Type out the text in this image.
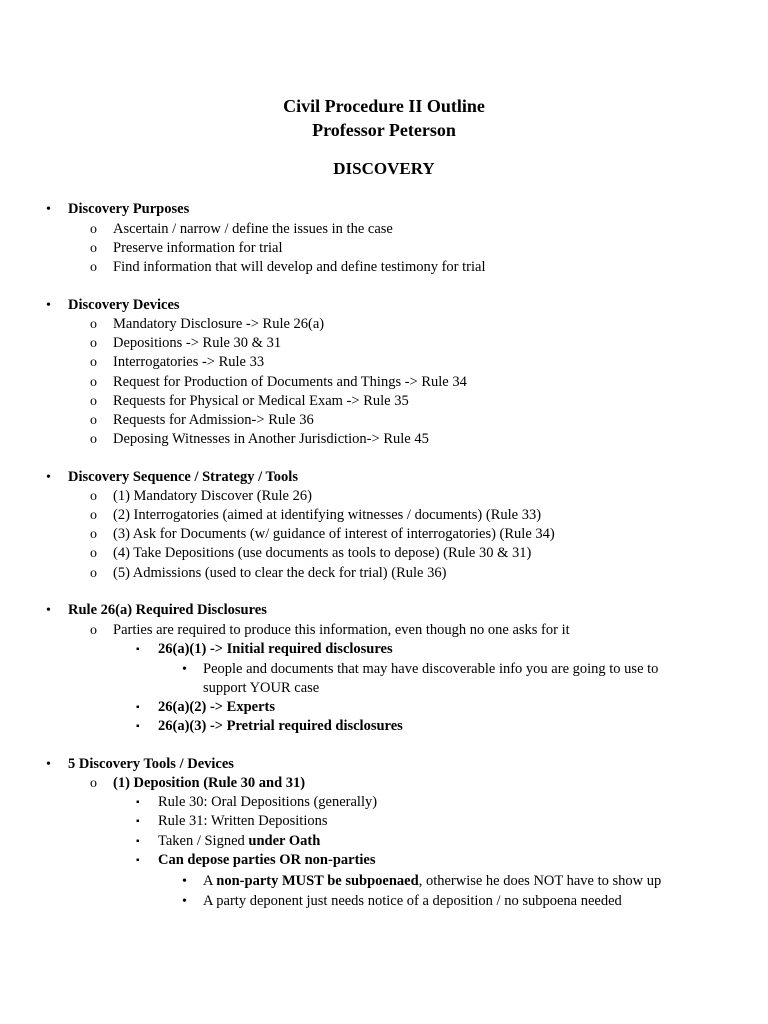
Civil Procedure II Outline
Professor Peterson
DISCOVERY
• Discovery Purposes
o Ascertain / narrow / define the issues in the case
o Preserve information for trial
o Find information that will develop and define testimony for trial
• Discovery Devices
o Mandatory Disclosure -> Rule 26(a)
o Depositions -> Rule 30 & 31
o Interrogatories -> Rule 33
o Request for Production of Documents and Things -> Rule 34
o Requests for Physical or Medical Exam -> Rule 35
o Requests for Admission-> Rule 36
o Deposing Witnesses in Another Jurisdiction-> Rule 45
• Discovery Sequence / Strategy / Tools
o (1) Mandatory Discover (Rule 26)
o (2) Interrogatories (aimed at identifying witnesses / documents) (Rule 33)
o (3) Ask for Documents (w/ guidance of interest of interrogatories) (Rule 34)
o (4) Take Depositions (use documents as tools to depose) (Rule 30 & 31)
o (5) Admissions (used to clear the deck for trial) (Rule 36)
• Rule 26(a) Required Disclosures
o Parties are required to produce this information, even though no one asks for it
▪ 26(a)(1) -> Initial required disclosures
• People and documents that may have discoverable info you are going to use to
support YOUR case
▪ 26(a)(2) -> Experts
▪ 26(a)(3) -> Pretrial required disclosures
• 5 Discovery Tools / Devices
o (1) Deposition (Rule 30 and 31)
▪ Rule 30: Oral Depositions (generally)
▪ Rule 31: Written Depositions
▪ Taken / Signed under Oath
▪ Can depose parties OR non-parties
• A non-party MUST be subpoenaed, otherwise he does NOT have to show up
• A party deponent just needs notice of a deposition / no subpoena needed
